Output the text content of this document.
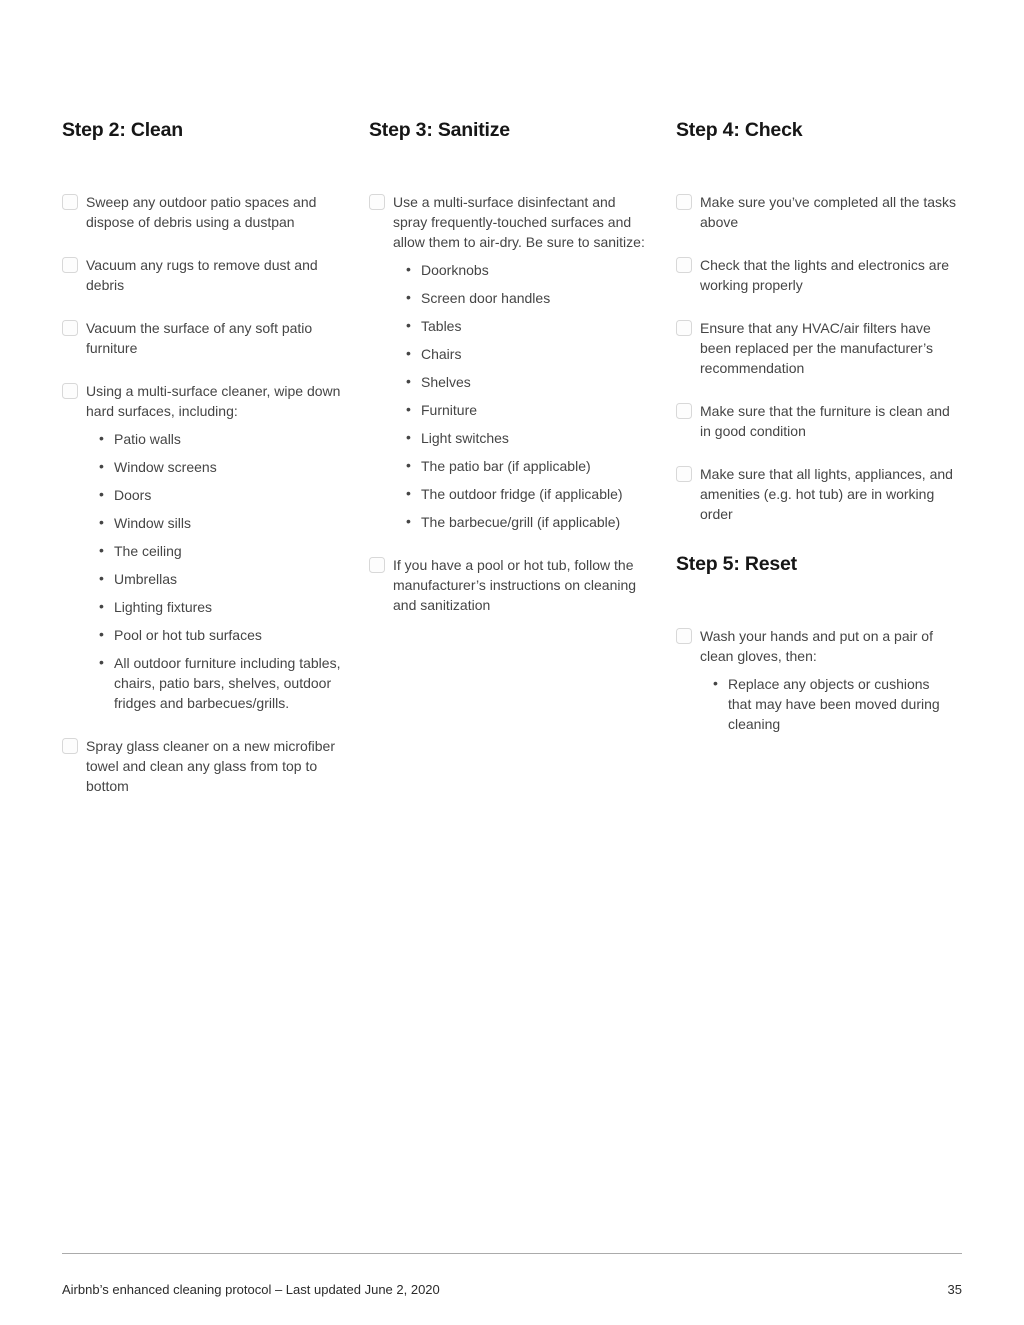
Step 2: Clean

Sweep any outdoor patio spaces and dispose of debris using a dustpan

Vacuum any rugs to remove dust and debris

Vacuum the surface of any soft patio furniture

Using a multi-surface cleaner, wipe down hard surfaces, including:

• Patio walls
• Window screens
• Doors
• Window sills
• The ceiling
• Umbrellas
• Lighting fixtures
• Pool or hot tub surfaces
• All outdoor furniture including tables, chairs, patio bars, shelves, outdoor fridges and barbecues/grills.

Spray glass cleaner on a new microfiber towel and clean any glass from top to bottom

Step 3: Sanitize

Use a multi-surface disinfectant and spray frequently-touched surfaces and allow them to air-dry. Be sure to sanitize:

• Doorknobs
• Screen door handles
• Tables
• Chairs
• Shelves
• Furniture
• Light switches
• The patio bar (if applicable)
• The outdoor fridge (if applicable)
• The barbecue/grill (if applicable)

If you have a pool or hot tub, follow the manufacturer’s instructions on cleaning and sanitization

Step 4: Check

Make sure you’ve completed all the tasks above

Check that the lights and electronics are working properly

Ensure that any HVAC/air filters have been replaced per the manufacturer’s recommendation

Make sure that the furniture is clean and in good condition

Make sure that all lights, appliances, and amenities (e.g. hot tub) are in working order

Step 5: Reset

Wash your hands and put on a pair of clean gloves, then:

• Replace any objects or cushions that may have been moved during cleaning
Airbnb’s enhanced cleaning protocol – Last updated June 2, 2020	35
